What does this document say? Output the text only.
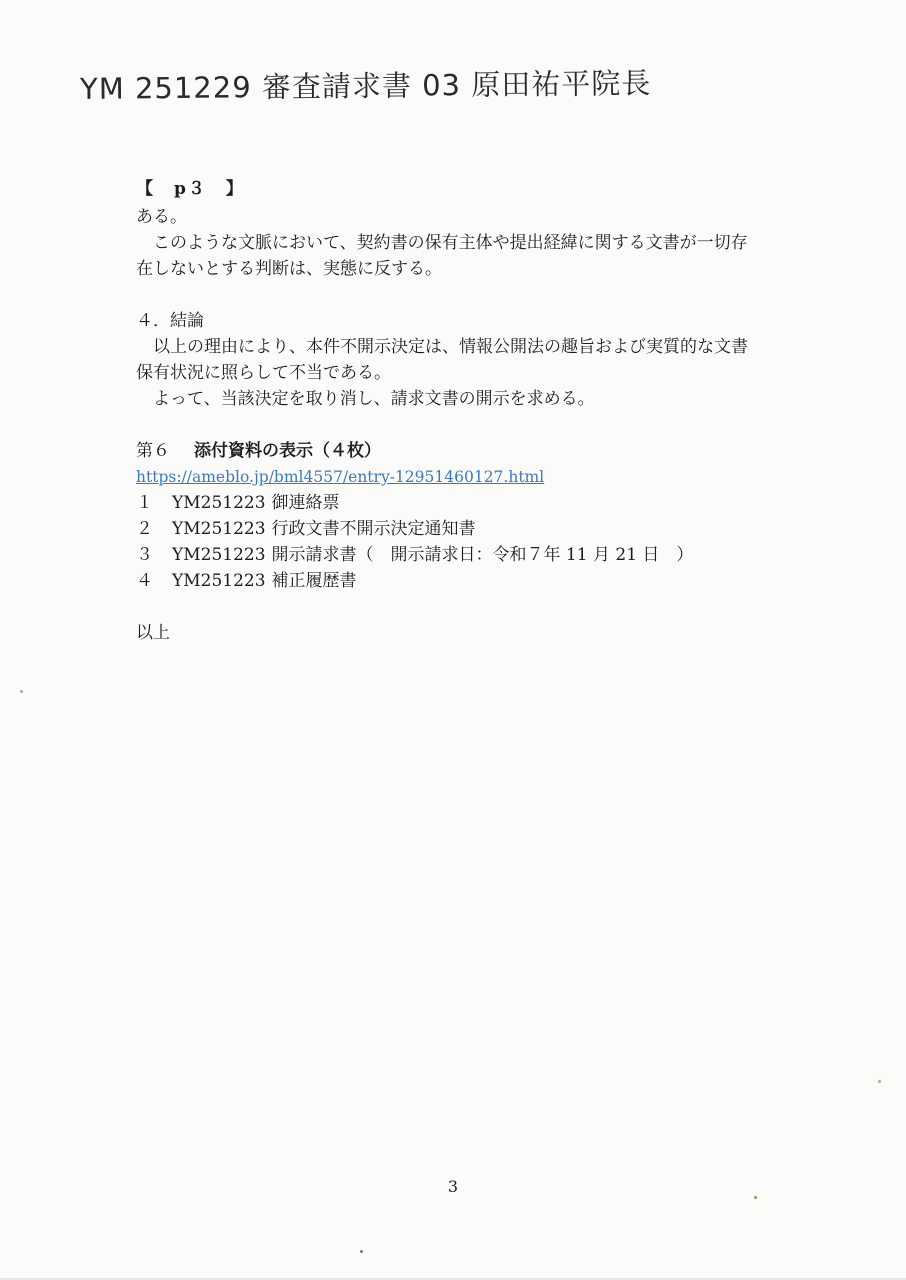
YM 251229 審査請求書 03 原田祐平院長
【　p３　】
ある。
このような文脈において、契約書の保有主体や提出経緯に関する文書が一切存
在しないとする判断は、実態に反する。
４．結論
以上の理由により、本件不開示決定は、情報公開法の趣旨および実質的な文書
保有状況に照らして不当である。
よって、当該決定を取り消し、請求文書の開示を求める。
第６ 添付資料の表示（４枚）
https://ameblo.jp/bml4557/entry-12951460127.html
１	YM251223 御連絡票
２	YM251223 行政文書不開示決定通知書
３	YM251223 開示請求書（　開示請求日：令和７年 11 月 21 日　）
４	YM251223 補正履歴書
以上
3
